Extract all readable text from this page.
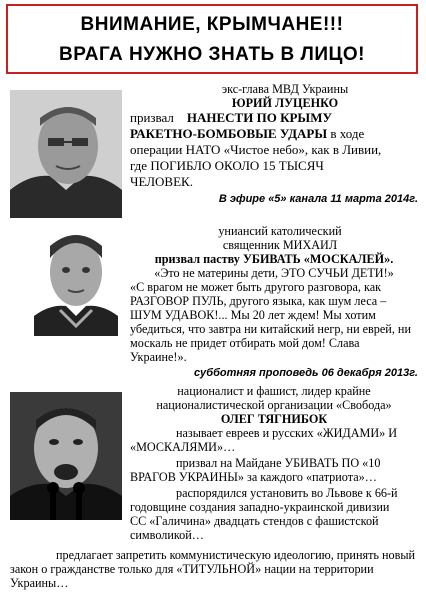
ВНИМАНИЕ, КРЫМЧАНЕ!!!
ВРАГА НУЖНО ЗНАТЬ В ЛИЦО!
экс-глава МВД Украины
ЮРИЙ ЛУЦЕНКО
призвал НАНЕСТИ ПО КРЫМУ
РАКЕТНО-БОМБОВЫЕ УДАРЫ в ходе
операции НАТО «Чистое небо», как в Ливии,
где ПОГИБЛО ОКОЛО 15 ТЫСЯЧ
ЧЕЛОВЕК.
В эфире «5» канала 11 марта 2014г.
униансий католический
священник МИХАИЛ
призвал паству УБИВАТЬ «МОСКАЛЕЙ».
«Это не материны дети, ЭТО СУЧЬИ ДЕТИ!»
«С врагом не может быть другого разговора, как
РАЗГОВОР ПУЛЬ, другого языка, как шум леса –
ШУМ УДАВОК!... Мы 20 лет ждем! Мы хотим
убедиться, что завтра ни китайский негр, ни еврей, ни
москаль не придет отбирать мой дом! Слава
Украине!».
субботняя проповедь 06 декабря 2013г.
националист и фашист, лидер крайне
националистической организации «Свобода»
ОЛЕГ ТЯГНИБОК
называет евреев и русских «ЖИДАМИ» И
«МОСКАЛЯМИ»…
призвал на Майдане УБИВАТЬ ПО «10
ВРАГОВ УКРАИНЫ» за каждого «патриота»…
распорядился установить во Львове к 66-й
годовщине создания западно-украинской дивизии
СС «Галичина» двадцать стендов с фашистской
символикой…
предлагает запретить коммунистическую идеологию, принять новый
закон о гражданстве только для «ТИТУЛЬНОЙ» нации на территории
Украины…
